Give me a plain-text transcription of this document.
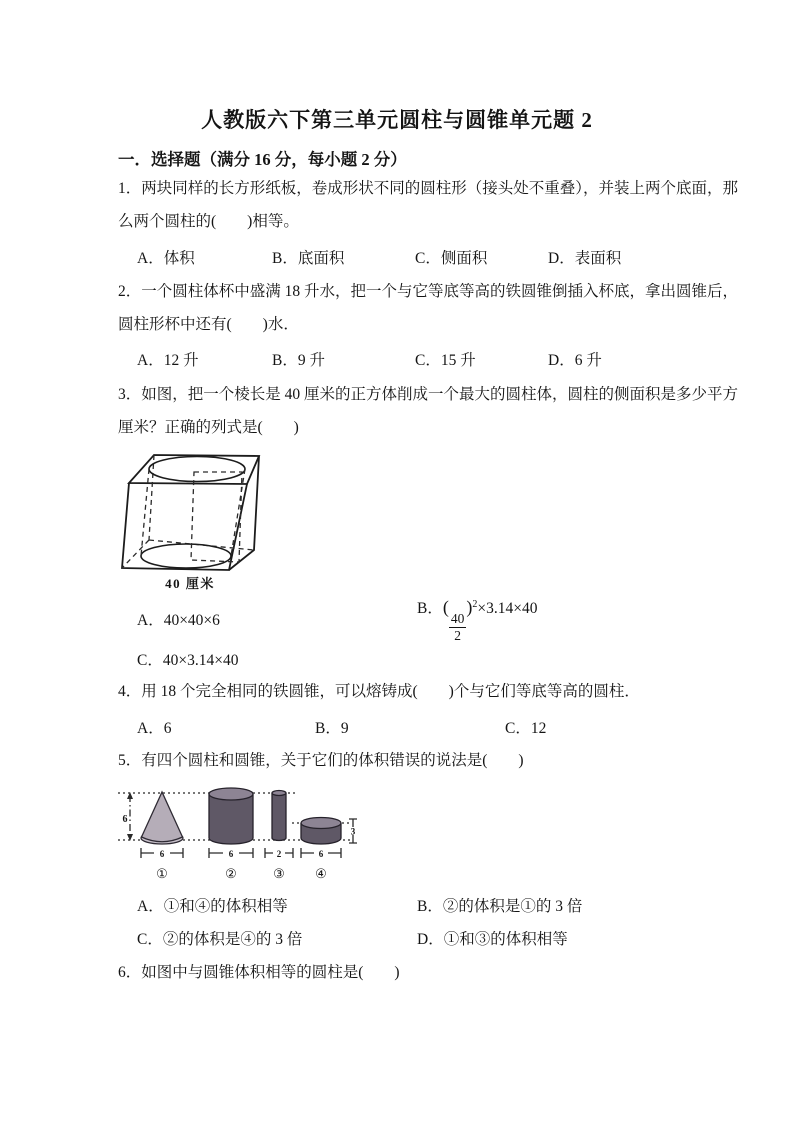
人教版六下第三单元圆柱与圆锥单元题 2
一．选择题（满分 16 分，每小题 2 分）
1．两块同样的长方形纸板，卷成形状不同的圆柱形（接头处不重叠），并装上两个底面，那
么两个圆柱的(　　)相等。
A．体积	B．底面积	C．侧面积	D．表面积
2．一个圆柱体杯中盛满 18 升水，把一个与它等底等高的铁圆锥倒插入杯底，拿出圆锥后，
圆柱形杯中还有(　　)水．
A．12 升	B．9 升	C．15 升	D．6 升
3．如图，把一个棱长是 40 厘米的正方体削成一个最大的圆柱体，圆柱的侧面积是多少平方
厘米？正确的列式是(　　)
40 厘米
A．40×40×6
B．(
$\frac{40}{2}$
)$^2$×3.14×40
C．40×3.14×40
4．用 18 个完全相同的铁圆锥，可以熔铸成(　　)个与它们等底等高的圆柱．
A．6	B．9	C．12
5．有四个圆柱和圆锥，关于它们的体积错误的说法是(　　)
6
6	6	2	6
3
①	②	③ ④
A．①和④的体积相等	B．②的体积是①的 3 倍
C．②的体积是④的 3 倍	D．①和③的体积相等
6．如图中与圆锥体积相等的圆柱是(　　)
